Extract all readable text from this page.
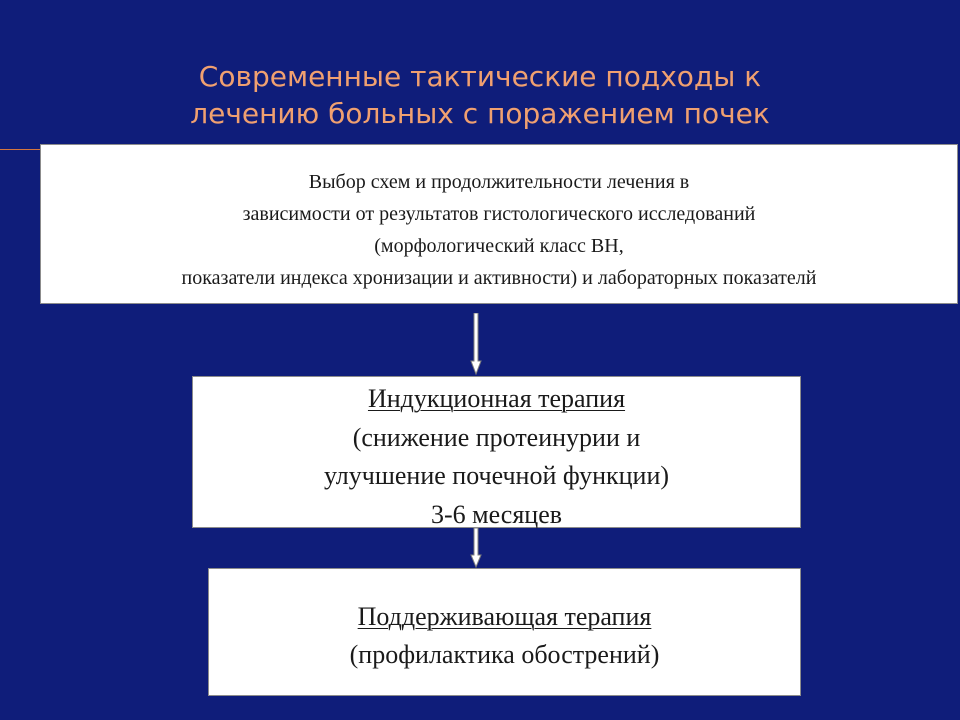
Современные тактические подходы к
лечению больных с поражением почек
Выбор схем и продолжительности лечения в
зависимости от результатов гистологического исследований
(морфологический класс ВН,
показатели индекса хронизации и активности) и лабораторных показателй
Индукционная терапия
(снижение протеинурии и
улучшение почечной функции)
3-6 месяцев
Поддерживающая терапия
(профилактика обострений)
